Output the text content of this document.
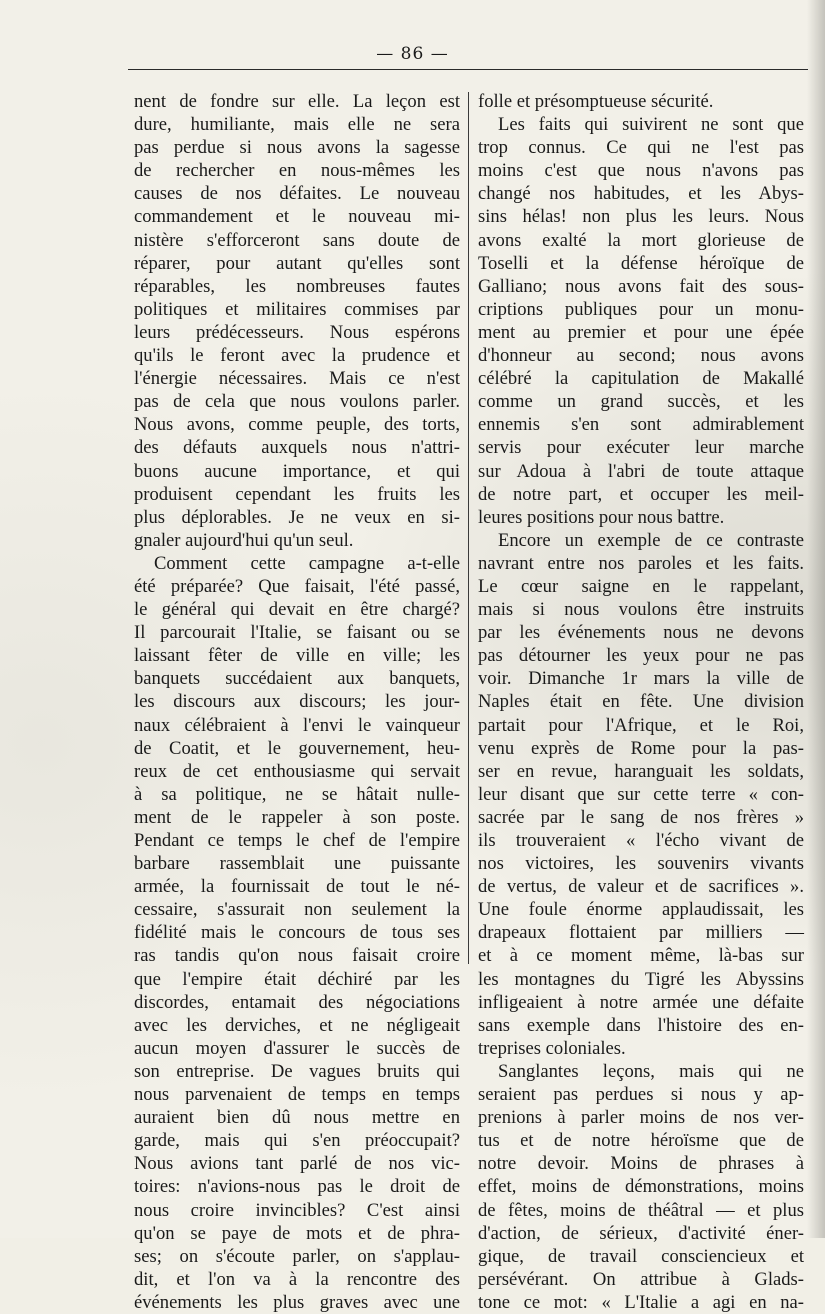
— 86 —
nent de fondre sur elle. La leçon est
dure, humiliante, mais elle ne sera
pas perdue si nous avons la sagesse
de rechercher en nous-mêmes les
causes de nos défaites. Le nouveau
commandement et le nouveau mi-
nistère s'efforceront sans doute de
réparer, pour autant qu'elles sont
réparables, les nombreuses fautes
politiques et militaires commises par
leurs prédécesseurs. Nous espérons
qu'ils le feront avec la prudence et
l'énergie nécessaires. Mais ce n'est
pas de cela que nous voulons parler.
Nous avons, comme peuple, des torts,
des défauts auxquels nous n'attri-
buons aucune importance, et qui
produisent cependant les fruits les
plus déplorables. Je ne veux en si-
gnaler aujourd'hui qu'un seul.
Comment cette campagne a-t-elle
été préparée? Que faisait, l'été passé,
le général qui devait en être chargé?
Il parcourait l'Italie, se faisant ou se
laissant fêter de ville en ville; les
banquets succédaient aux banquets,
les discours aux discours; les jour-
naux célébraient à l'envi le vainqueur
de Coatit, et le gouvernement, heu-
reux de cet enthousiasme qui servait
à sa politique, ne se hâtait nulle-
ment de le rappeler à son poste.
Pendant ce temps le chef de l'empire
barbare rassemblait une puissante
armée, la fournissait de tout le né-
cessaire, s'assurait non seulement la
fidélité mais le concours de tous ses
ras tandis qu'on nous faisait croire
que l'empire était déchiré par les
discordes, entamait des négociations
avec les derviches, et ne négligeait
aucun moyen d'assurer le succès de
son entreprise. De vagues bruits qui
nous parvenaient de temps en temps
auraient bien dû nous mettre en
garde, mais qui s'en préoccupait?
Nous avions tant parlé de nos vic-
toires: n'avions-nous pas le droit de
nous croire invincibles? C'est ainsi
qu'on se paye de mots et de phra-
ses; on s'écoute parler, on s'applau-
dit, et l'on va à la rencontre des
événements les plus graves avec une
folle et présomptueuse sécurité.
Les faits qui suivirent ne sont que
trop connus. Ce qui ne l'est pas
moins c'est que nous n'avons pas
changé nos habitudes, et les Abys-
sins hélas! non plus les leurs. Nous
avons exalté la mort glorieuse de
Toselli et la défense héroïque de
Galliano; nous avons fait des sous-
criptions publiques pour un monu-
ment au premier et pour une épée
d'honneur au second; nous avons
célébré la capitulation de Makallé
comme un grand succès, et les
ennemis s'en sont admirablement
servis pour exécuter leur marche
sur Adoua à l'abri de toute attaque
de notre part, et occuper les meil-
leures positions pour nous battre.
Encore un exemple de ce contraste
navrant entre nos paroles et les faits.
Le cœur saigne en le rappelant,
mais si nous voulons être instruits
par les événements nous ne devons
pas détourner les yeux pour ne pas
voir. Dimanche 1r mars la ville de
Naples était en fête. Une division
partait pour l'Afrique, et le Roi,
venu exprès de Rome pour la pas-
ser en revue, haranguait les soldats,
leur disant que sur cette terre « con-
sacrée par le sang de nos frères »
ils trouveraient « l'écho vivant de
nos victoires, les souvenirs vivants
de vertus, de valeur et de sacrifices ».
Une foule énorme applaudissait, les
drapeaux flottaient par milliers —
et à ce moment même, là-bas sur
les montagnes du Tigré les Abyssins
infligeaient à notre armée une défaite
sans exemple dans l'histoire des en-
treprises coloniales.
Sanglantes leçons, mais qui ne
seraient pas perdues si nous y ap-
prenions à parler moins de nos ver-
tus et de notre héroïsme que de
notre devoir. Moins de phrases à
effet, moins de démonstrations, moins
de fêtes, moins de théâtral — et plus
d'action, de sérieux, d'activité éner-
gique, de travail consciencieux et
persévérant. On attribue à Glads-
tone ce mot: « L'Italie a agi en na-
